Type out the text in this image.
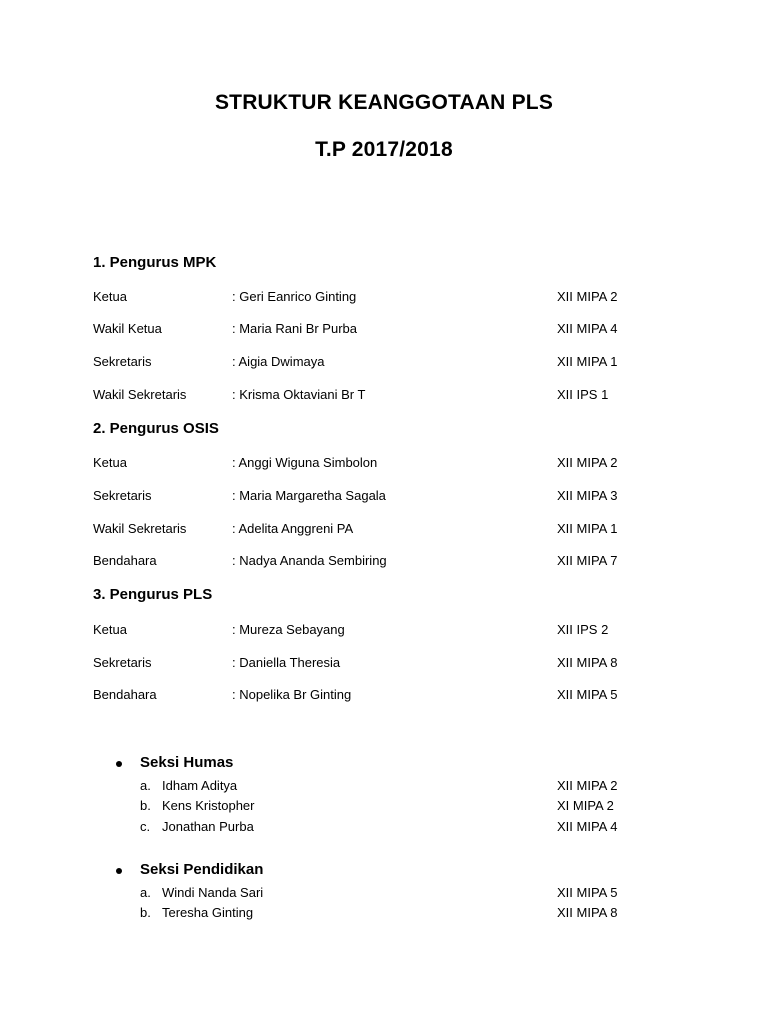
STRUKTUR KEANGGOTAAN PLS
T.P 2017/2018
1. Pengurus MPK
Ketua	: Geri Eanrico Ginting	XII MIPA 2
Wakil Ketua	: Maria Rani Br Purba	XII MIPA 4
Sekretaris	: Aigia Dwimaya	XII MIPA 1
Wakil Sekretaris	: Krisma Oktaviani Br T	XII IPS 1
2. Pengurus OSIS
Ketua	: Anggi Wiguna Simbolon	XII MIPA 2
Sekretaris	: Maria Margaretha Sagala	XII MIPA 3
Wakil Sekretaris	: Adelita Anggreni PA	XII MIPA 1
Bendahara	: Nadya Ananda Sembiring	XII MIPA 7
3. Pengurus PLS
Ketua	: Mureza Sebayang	XII IPS 2
Sekretaris	: Daniella Theresia	XII MIPA 8
Bendahara	: Nopelika Br Ginting	XII MIPA 5
Seksi Humas
a. Idham Aditya	XII MIPA 2
b. Kens Kristopher	XI MIPA 2
c. Jonathan Purba	XII MIPA 4
Seksi Pendidikan
a. Windi Nanda Sari	XII MIPA 5
b. Teresha Ginting	XII MIPA 8
